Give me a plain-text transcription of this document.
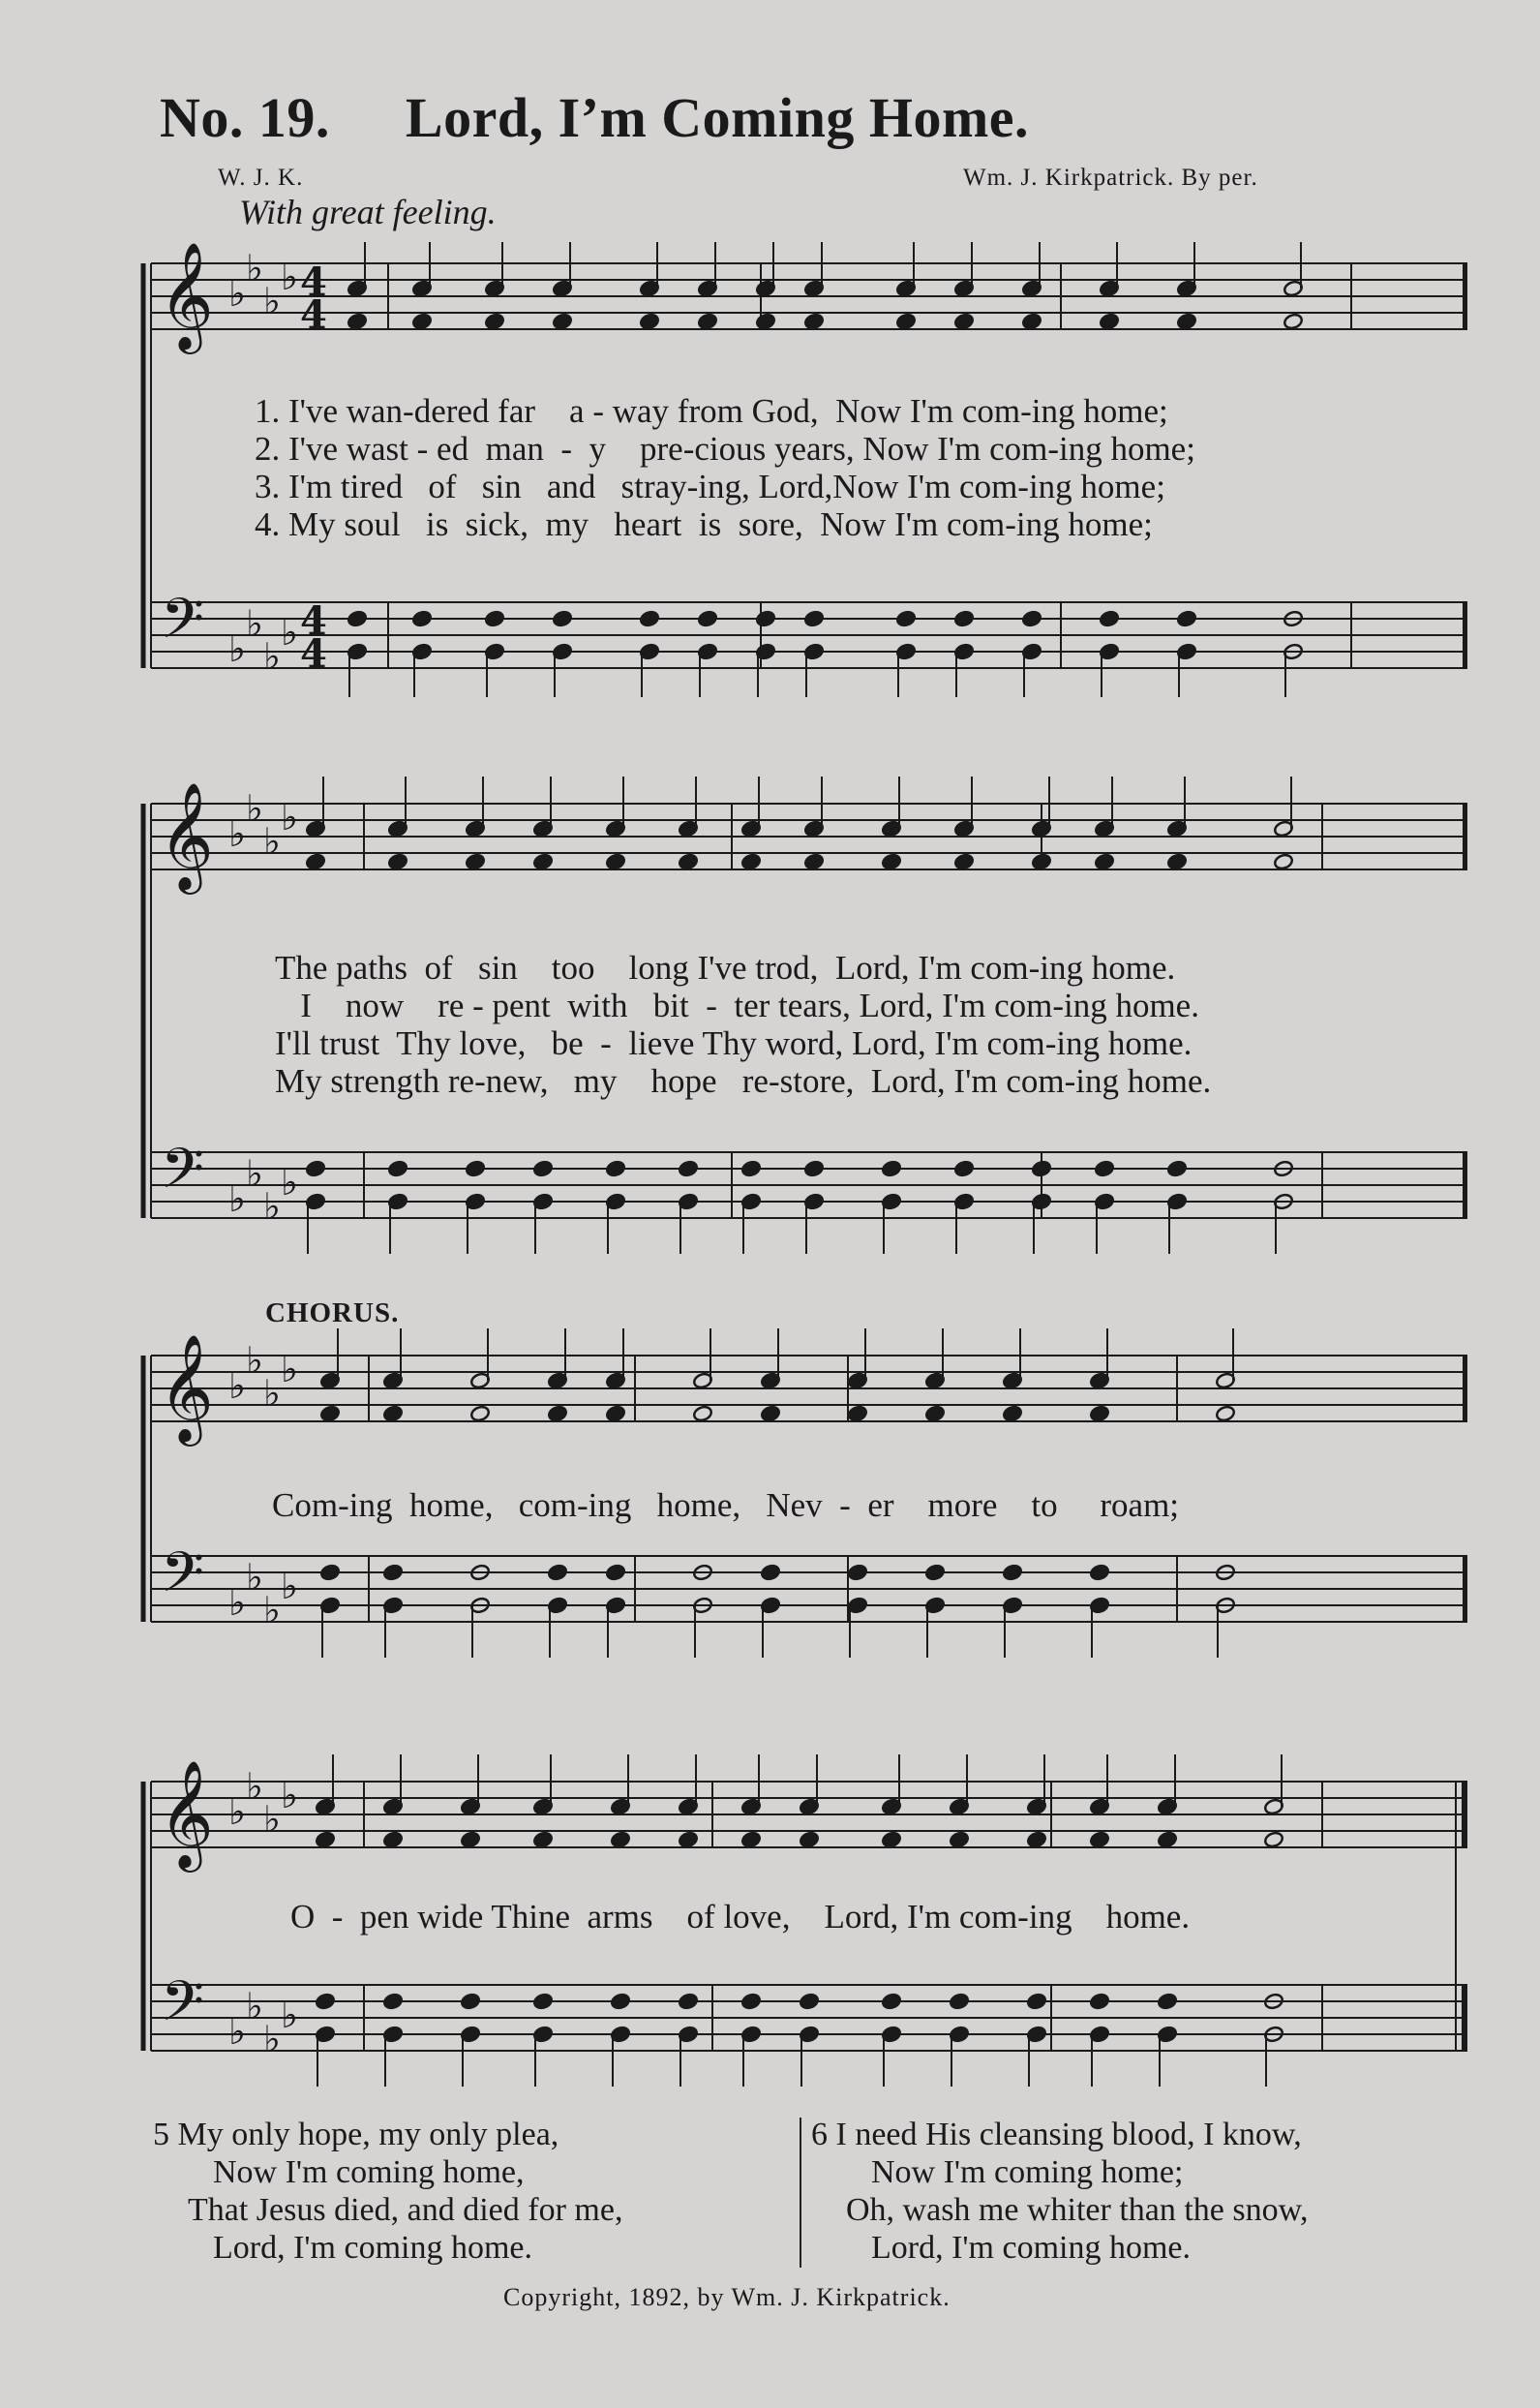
No. 19. Lord, I’m Coming Home.
W. J. K.	Wm. J. Kirkpatrick. By per.
With great feeling.
𝄞
𝄢
♭
♭
♭
♭
♭
♭
♭
♭
4
4
4
4
1. I've wan-dered far    a - way from God,  Now I'm com-ing home;
2. I've wast - ed  man  -  y    pre-cious years, Now I'm com-ing home;
3. I'm tired   of   sin   and   stray-ing, Lord,Now I'm com-ing home;
4. My soul   is  sick,  my   heart  is  sore,  Now I'm com-ing home;
𝄞
𝄢
♭
♭
♭
♭
♭
♭
♭
♭
The paths  of   sin    too    long I've trod,  Lord, I'm com-ing home.
I    now    re - pent  with   bit  -  ter tears, Lord, I'm com-ing home.
I'll trust  Thy love,   be  -  lieve Thy word, Lord, I'm com-ing home.
My strength re-new,   my    hope   re-store,  Lord, I'm com-ing home.
CHORUS.
𝄞
𝄢
♭
♭
♭
♭
♭
♭
♭
♭
Com-ing  home,   com-ing   home,   Nev  -  er    more    to     roam;
𝄞
𝄢
♭
♭
♭
♭
♭
♭
♭
♭
O  -  pen wide Thine  arms    of love,    Lord, I'm com-ing    home.
5 My only hope, my only plea,
Now I'm coming home,
That Jesus died, and died for me,
Lord, I'm coming home.
6 I need His cleansing blood, I know,
Now I'm coming home;
Oh, wash me whiter than the snow,
Lord, I'm coming home.
Copyright, 1892, by Wm. J. Kirkpatrick.
